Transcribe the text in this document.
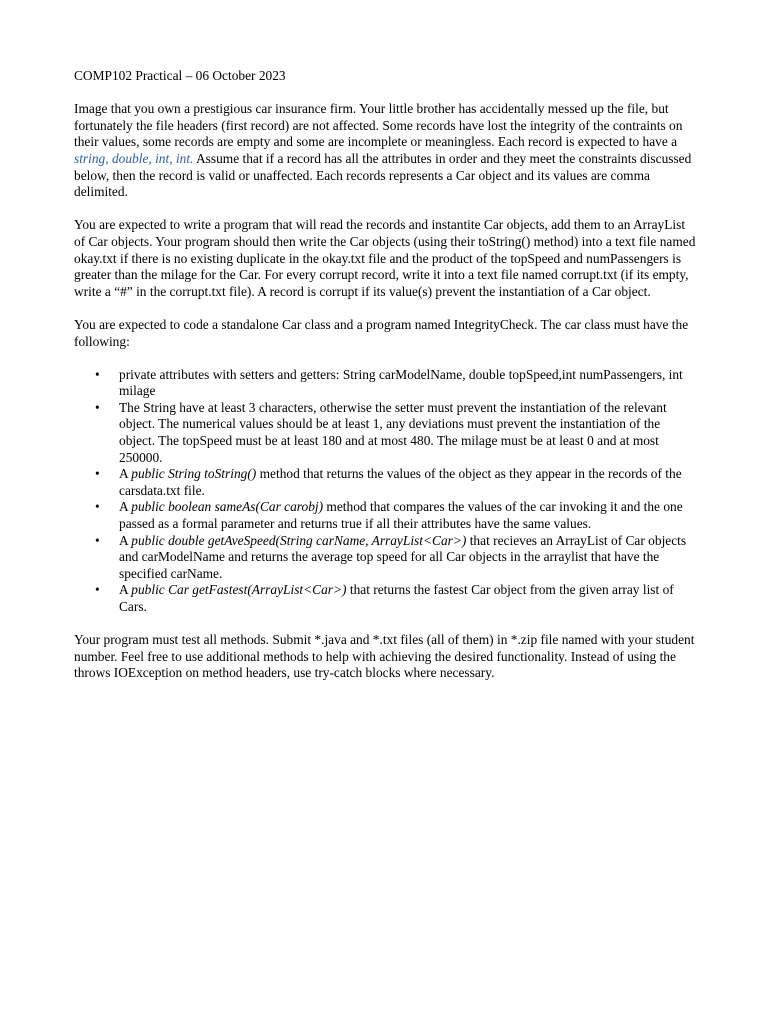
COMP102 Practical – 06 October 2023

Image that you own a prestigious car insurance firm. Your little brother has accidentally messed up the file, but fortunately the file headers (first record) are not affected. Some records have lost the integrity of the contraints on their values, some records are empty and some are incomplete or meaningless. Each record is expected to have a string, double, int, int. Assume that if a record has all the attributes in order and they meet the constraints discussed below, then the record is valid or unaffected. Each records represents a Car object and its values are comma delimited.

You are expected to write a program that will read the records and instantite Car objects, add them to an ArrayList of Car objects. Your program should then write the Car objects (using their toString() method) into a text file named okay.txt if there is no existing duplicate in the okay.txt file and the product of the topSpeed and numPassengers is greater than the milage for the Car. For every corrupt record, write it into a text file named corrupt.txt (if its empty, write a “#” in the corrupt.txt file). A record is corrupt if its value(s) prevent the instantiation of a Car object.

You are expected to code a standalone Car class and a program named IntegrityCheck. The car class must have the following:

• private attributes with setters and getters: String carModelName, double topSpeed,int numPassengers, int milage
• The String have at least 3 characters, otherwise the setter must prevent the instantiation of the relevant object. The numerical values should be at least 1, any deviations must prevent the instantiation of the object. The topSpeed must be at least 180 and at most 480. The milage must be at least 0 and at most 250000.
• A public String toString() method that returns the values of the object as they appear in the records of the carsdata.txt file.
• A public boolean sameAs(Car carobj) method that compares the values of the car invoking it and the one passed as a formal parameter and returns true if all their attributes have the same values.
• A public double getAveSpeed(String carName, ArrayList<Car>) that recieves an ArrayList of Car objects and carModelName and returns the average top speed for all Car objects in the arraylist that have the specified carName.
• A public Car getFastest(ArrayList<Car>) that returns the fastest Car object from the given array list of Cars.

Your program must test all methods. Submit *.java and *.txt files (all of them) in *.zip file named with your student number. Feel free to use additional methods to help with achieving the desired functionality. Instead of using the throws IOException on method headers, use try-catch blocks where necessary.
